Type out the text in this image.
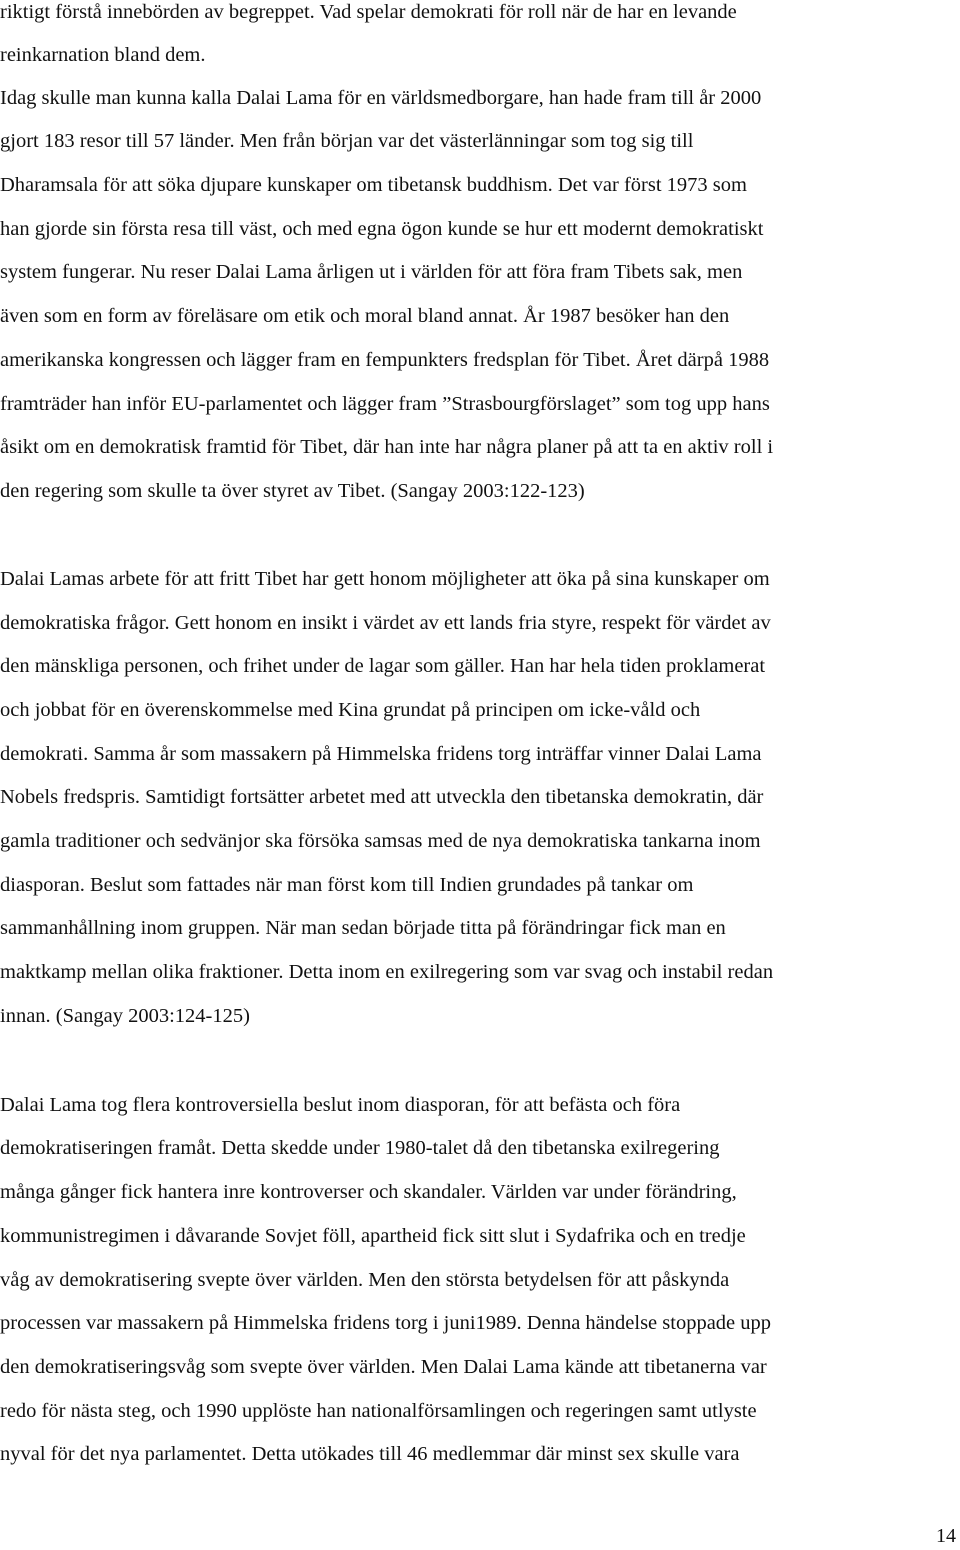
riktigt förstå innebörden av begreppet. Vad spelar demokrati för roll när de har en levande
reinkarnation bland dem.
Idag skulle man kunna kalla Dalai Lama för en världsmedborgare, han hade fram till år 2000
gjort 183 resor till 57 länder. Men från början var det västerlänningar som tog sig till
Dharamsala för att söka djupare kunskaper om tibetansk buddhism. Det var först 1973 som
han gjorde sin första resa till väst, och med egna ögon kunde se hur ett modernt demokratiskt
system fungerar. Nu reser Dalai Lama årligen ut i världen för att föra fram Tibets sak, men
även som en form av föreläsare om etik och moral bland annat. År 1987 besöker han den
amerikanska kongressen och lägger fram en fempunkters fredsplan för Tibet. Året därpå 1988
framträder han inför EU-parlamentet och lägger fram ”Strasbourgförslaget” som tog upp hans
åsikt om en demokratisk framtid för Tibet, där han inte har några planer på att ta en aktiv roll i
den regering som skulle ta över styret av Tibet. (Sangay 2003:122-123)
Dalai Lamas arbete för att fritt Tibet har gett honom möjligheter att öka på sina kunskaper om
demokratiska frågor. Gett honom en insikt i värdet av ett lands fria styre, respekt för värdet av
den mänskliga personen, och frihet under de lagar som gäller. Han har hela tiden proklamerat
och jobbat för en överenskommelse med Kina grundat på principen om icke-våld och
demokrati. Samma år som massakern på Himmelska fridens torg inträffar vinner Dalai Lama
Nobels fredspris. Samtidigt fortsätter arbetet med att utveckla den tibetanska demokratin, där
gamla traditioner och sedvänjor ska försöka samsas med de nya demokratiska tankarna inom
diasporan. Beslut som fattades när man först kom till Indien grundades på tankar om
sammanhållning inom gruppen. När man sedan började titta på förändringar fick man en
maktkamp mellan olika fraktioner. Detta inom en exilregering som var svag och instabil redan
innan. (Sangay 2003:124-125)
Dalai Lama tog flera kontroversiella beslut inom diasporan, för att befästa och föra
demokratiseringen framåt. Detta skedde under 1980-talet då den tibetanska exilregering
många gånger fick hantera inre kontroverser och skandaler. Världen var under förändring,
kommunistregimen i dåvarande Sovjet föll, apartheid fick sitt slut i Sydafrika och en tredje
våg av demokratisering svepte över världen. Men den största betydelsen för att påskynda
processen var massakern på Himmelska fridens torg i juni1989. Denna händelse stoppade upp
den demokratiseringsvåg som svepte över världen. Men Dalai Lama kände att tibetanerna var
redo för nästa steg, och 1990 upplöste han nationalförsamlingen och regeringen samt utlyste
nyval för det nya parlamentet. Detta utökades till 46 medlemmar där minst sex skulle vara
14
